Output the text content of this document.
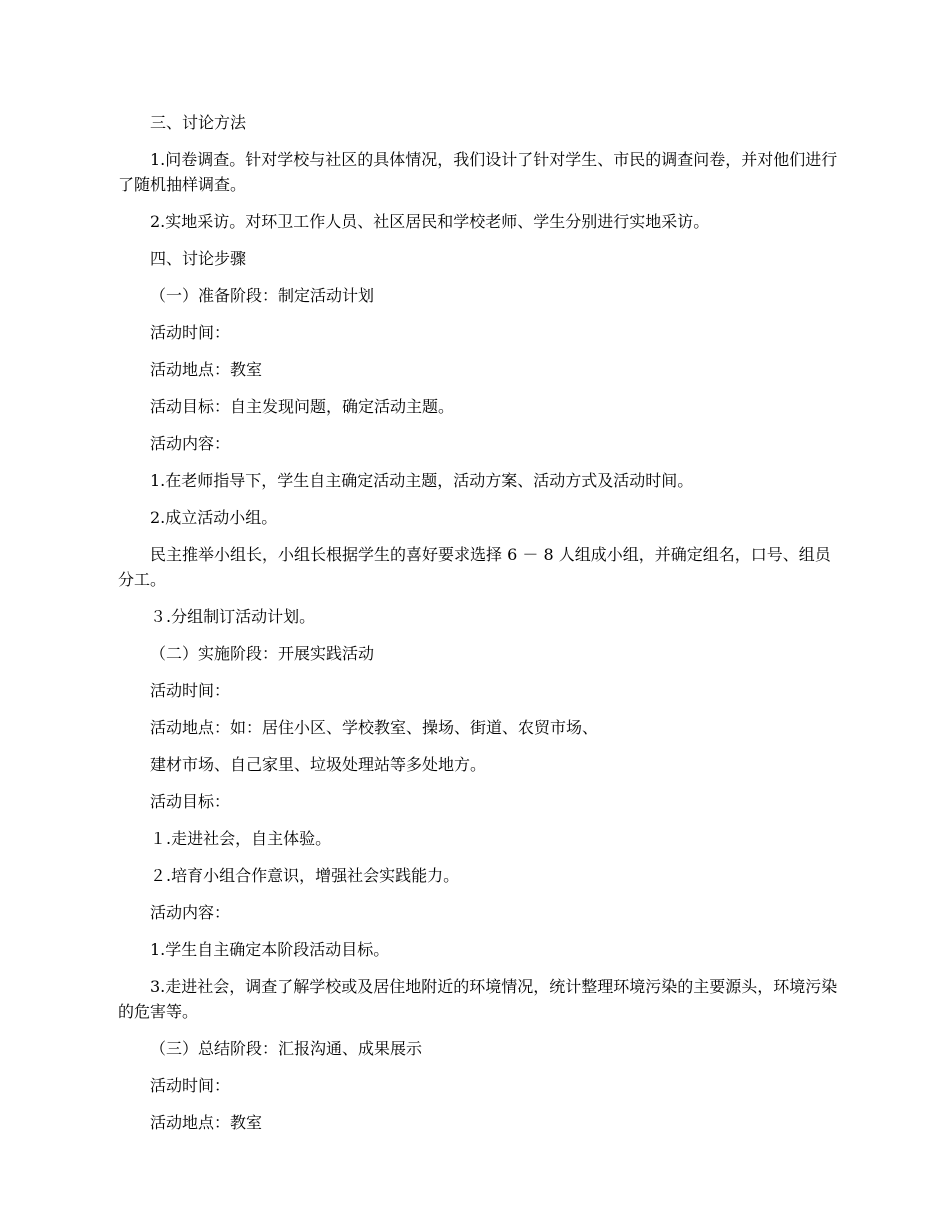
三、讨论方法

1.问卷调查。针对学校与社区的具体情况，我们设计了针对学生、市民的调查问卷，并对他们进行了随机抽样调查。

2.实地采访。对环卫工作人员、社区居民和学校老师、学生分别进行实地采访。

四、讨论步骤

（一）准备阶段：制定活动计划

活动时间：

活动地点：教室

活动目标：自主发现问题，确定活动主题。

活动内容：

1.在老师指导下，学生自主确定活动主题，活动方案、活动方式及活动时间。

2.成立活动小组。

民主推举小组长，小组长根据学生的喜好要求选择 6 － 8 人组成小组，并确定组名，口号、组员分工。

３.分组制订活动计划。

（二）实施阶段：开展实践活动

活动时间：

活动地点：如：居住小区、学校教室、操场、街道、农贸市场、

建材市场、自己家里、垃圾处理站等多处地方。

活动目标：

１.走进社会，自主体验。

２.培育小组合作意识，增强社会实践能力。

活动内容：

1.学生自主确定本阶段活动目标。

3.走进社会，调查了解学校或及居住地附近的环境情况，统计整理环境污染的主要源头，环境污染的危害等。

（三）总结阶段：汇报沟通、成果展示

活动时间：

活动地点：教室
